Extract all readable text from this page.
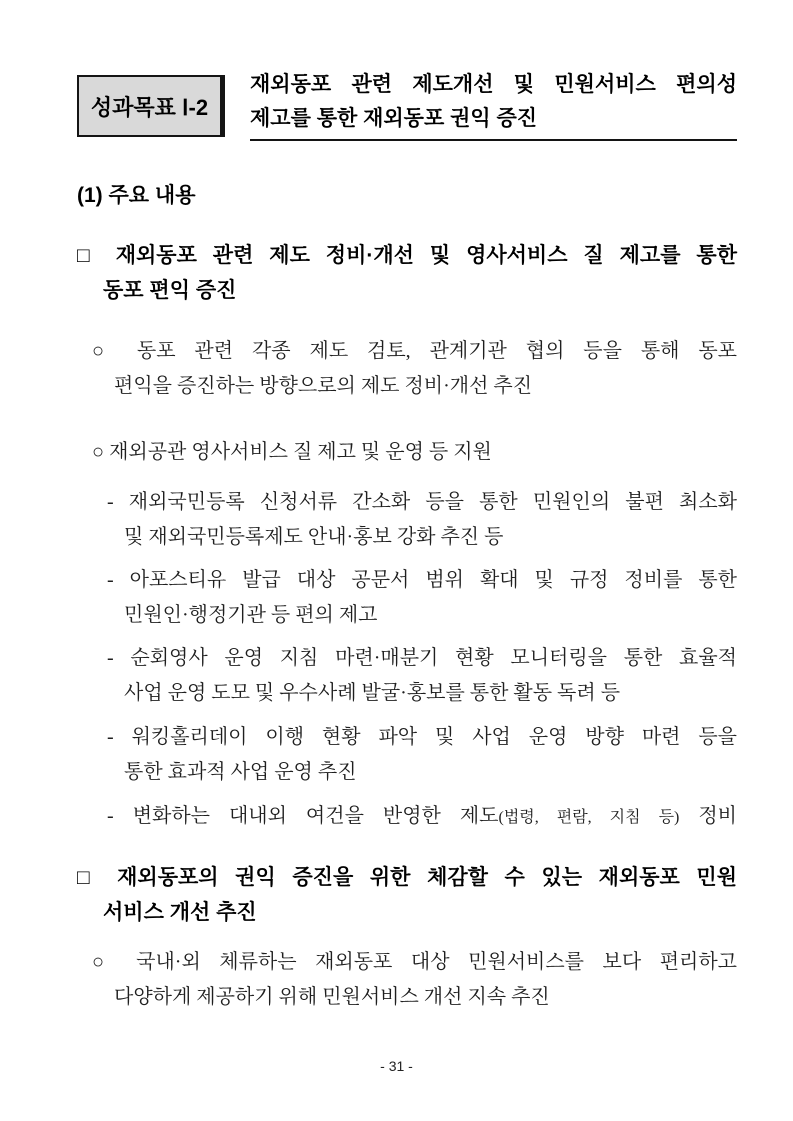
성과목표 Ⅰ-2
재외동포 관련 제도개선 및 민원서비스 편의성
제고를 통한 재외동포 권익 증진
(1) 주요 내용
□ 재외동포 관련 제도 정비·개선 및 영사서비스 질 제고를 통한
동포 편익 증진
○ 동포 관련 각종 제도 검토, 관계기관 협의 등을 통해 동포
편익을 증진하는 방향으로의 제도 정비·개선 추진
○ 재외공관 영사서비스 질 제고 및 운영 등 지원
- 재외국민등록 신청서류 간소화 등을 통한 민원인의 불편 최소화
및 재외국민등록제도 안내·홍보 강화 추진 등
- 아포스티유 발급 대상 공문서 범위 확대 및 규정 정비를 통한
민원인·행정기관 등 편의 제고
- 순회영사 운영 지침 마련·매분기 현황 모니터링을 통한 효율적
사업 운영 도모 및 우수사례 발굴·홍보를 통한 활동 독려 등
- 워킹홀리데이 이행 현황 파악 및 사업 운영 방향 마련 등을
통한 효과적 사업 운영 추진
- 변화하는 대내외 여건을 반영한 제도(법령, 편람, 지침 등) 정비
□ 재외동포의 권익 증진을 위한 체감할 수 있는 재외동포 민원
서비스 개선 추진
○ 국내·외 체류하는 재외동포 대상 민원서비스를 보다 편리하고
다양하게 제공하기 위해 민원서비스 개선 지속 추진
- 31 -
